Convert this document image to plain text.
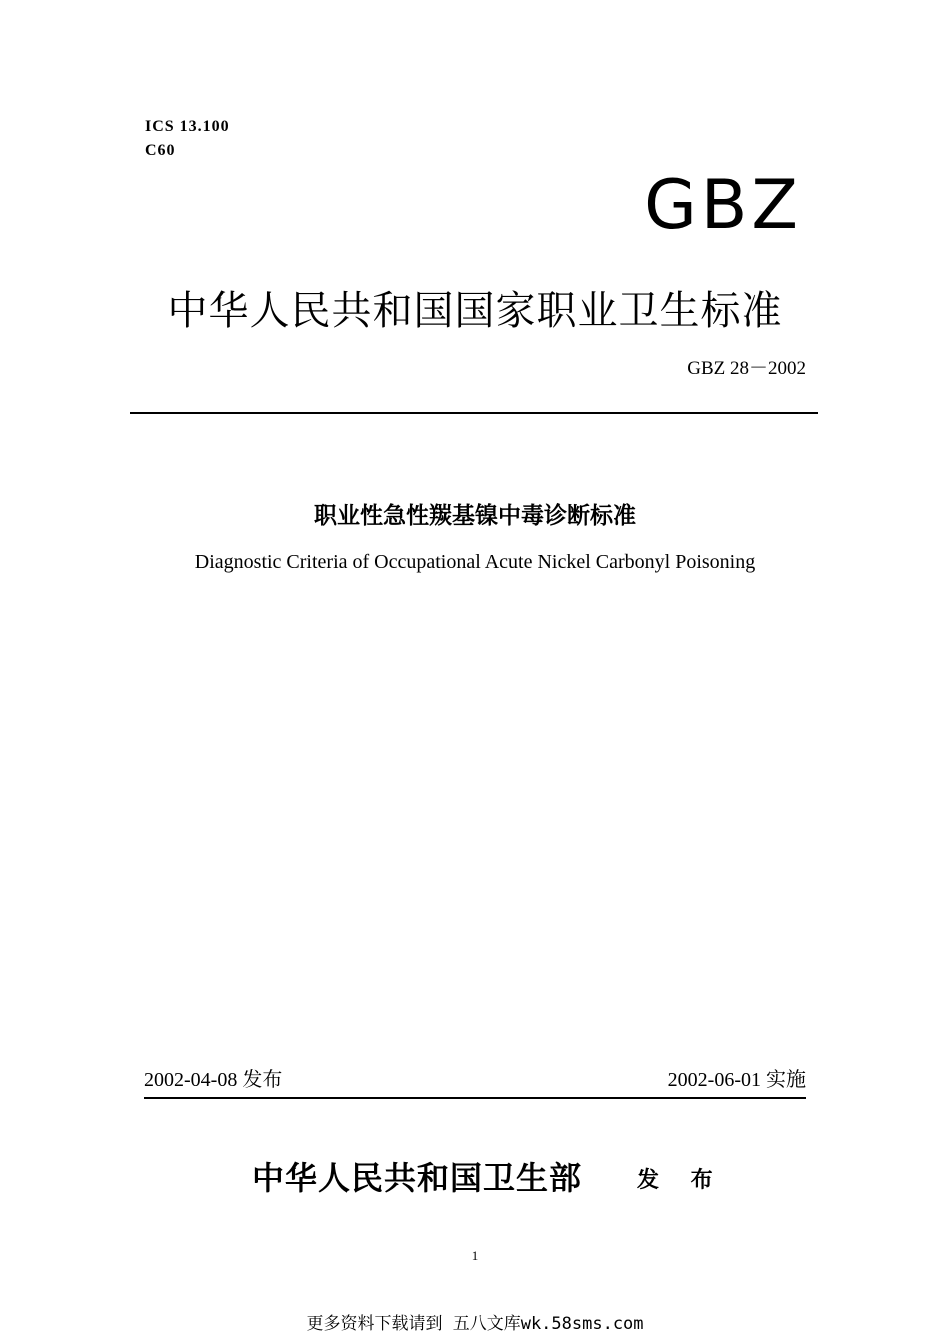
ICS 13.100
C60
GBZ
中华人民共和国国家职业卫生标准
GBZ 28－2002
职业性急性羰基镍中毒诊断标准
Diagnostic Criteria of Occupational Acute Nickel Carbonyl Poisoning
2002-04-08 发布	2002-06-01 实施
中华人民共和国卫生部 发 布
1
更多资料下载请到 五八文库wk.58sms.com
